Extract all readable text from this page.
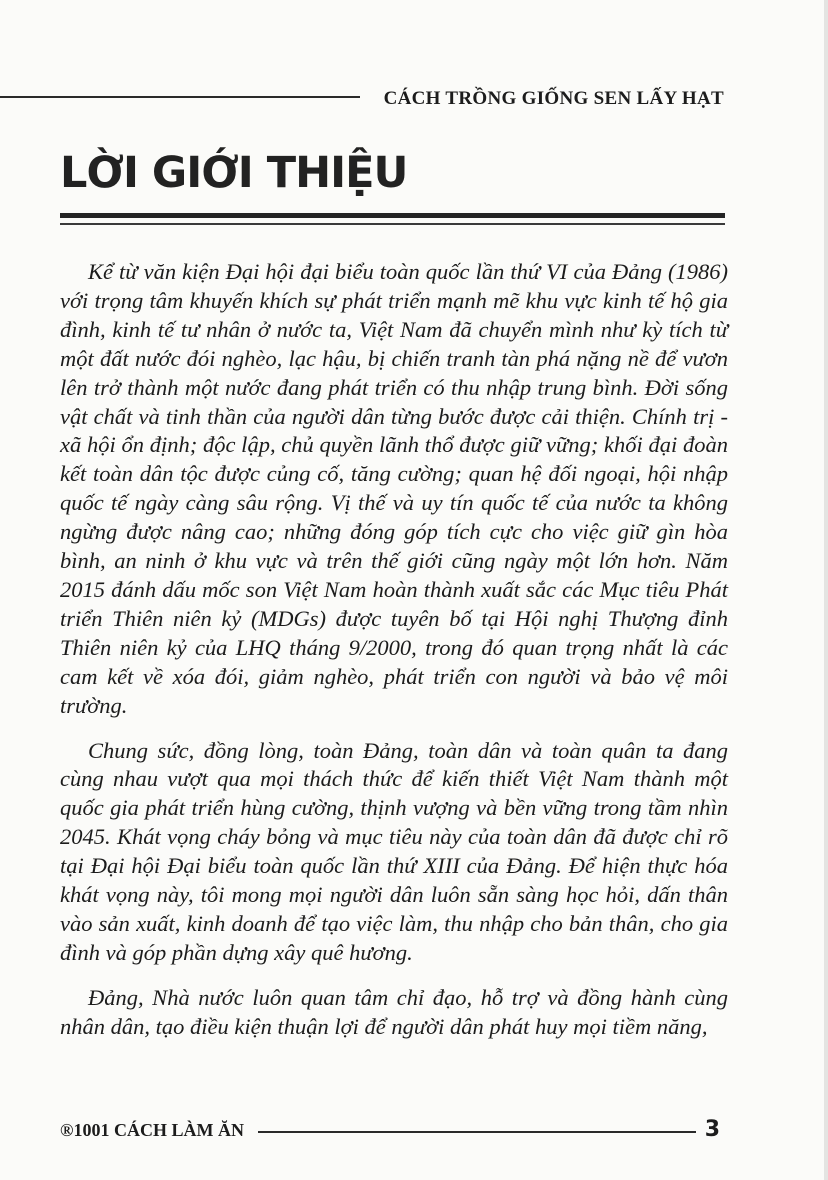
CÁCH TRỒNG GIỐNG SEN LẤY HẠT
LỜI GIỚI THIỆU

Kể từ văn kiện Đại hội đại biểu toàn quốc lần thứ VI của Đảng (1986) với trọng tâm khuyến khích sự phát triển mạnh mẽ khu vực kinh tế hộ gia đình, kinh tế tư nhân ở nước ta, Việt Nam đã chuyển mình như kỳ tích từ một đất nước đói nghèo, lạc hậu, bị chiến tranh tàn phá nặng nề để vươn lên trở thành một nước đang phát triển có thu nhập trung bình. Đời sống vật chất và tinh thần của người dân từng bước được cải thiện. Chính trị - xã hội ổn định; độc lập, chủ quyền lãnh thổ được giữ vững; khối đại đoàn kết toàn dân tộc được củng cố, tăng cường; quan hệ đối ngoại, hội nhập quốc tế ngày càng sâu rộng. Vị thế và uy tín quốc tế của nước ta không ngừng được nâng cao; những đóng góp tích cực cho việc giữ gìn hòa bình, an ninh ở khu vực và trên thế giới cũng ngày một lớn hơn. Năm 2015 đánh dấu mốc son Việt Nam hoàn thành xuất sắc các Mục tiêu Phát triển Thiên niên kỷ (MDGs) được tuyên bố tại Hội nghị Thượng đỉnh Thiên niên kỷ của LHQ tháng 9/2000, trong đó quan trọng nhất là các cam kết về xóa đói, giảm nghèo, phát triển con người và bảo vệ môi trường.

Chung sức, đồng lòng, toàn Đảng, toàn dân và toàn quân ta đang cùng nhau vượt qua mọi thách thức để kiến thiết Việt Nam thành một quốc gia phát triển hùng cường, thịnh vượng và bền vững trong tầm nhìn 2045. Khát vọng cháy bỏng và mục tiêu này của toàn dân đã được chỉ rõ tại Đại hội Đại biểu toàn quốc lần thứ XIII của Đảng. Để hiện thực hóa khát vọng này, tôi mong mọi người dân luôn sẵn sàng học hỏi, dấn thân vào sản xuất, kinh doanh để tạo việc làm, thu nhập cho bản thân, cho gia đình và góp phần dựng xây quê hương.

Đảng, Nhà nước luôn quan tâm chỉ đạo, hỗ trợ và đồng hành cùng nhân dân, tạo điều kiện thuận lợi để người dân phát huy mọi tiềm năng,

®1001 CÁCH LÀM ĂN	3
